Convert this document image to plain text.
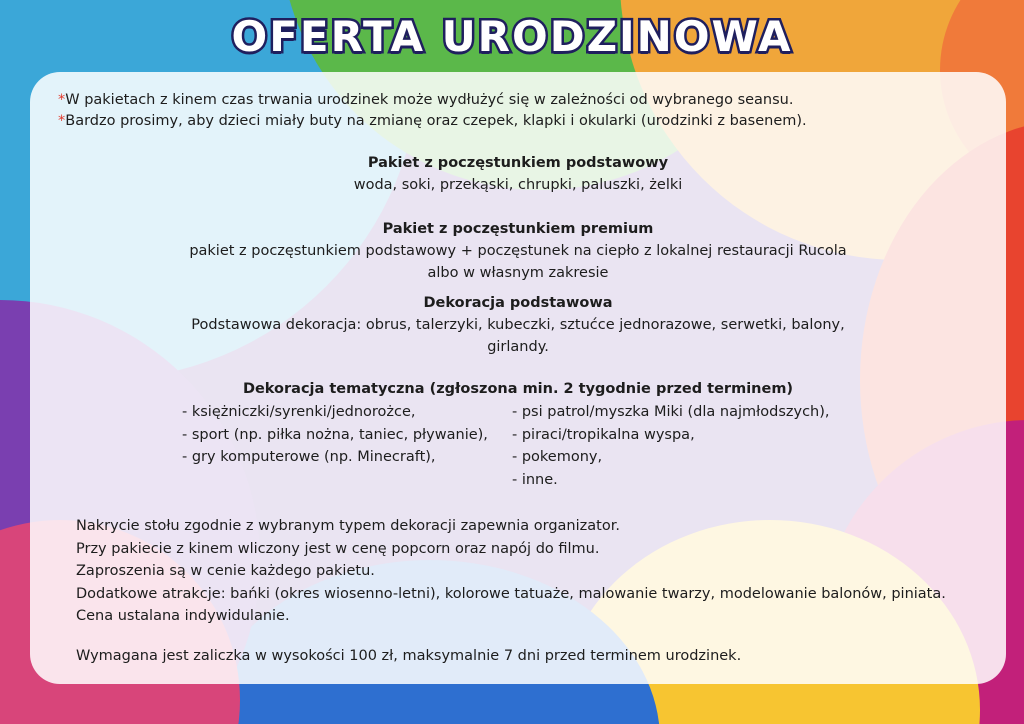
OFERTA URODZINOWA
*W pakietach z kinem czas trwania urodzinek może wydłużyć się w zależności od wybranego seansu.
*Bardzo prosimy, aby dzieci miały buty na zmianę oraz czepek, klapki i okularki (urodzinki z basenem).
Pakiet z poczęstunkiem podstawowy
woda, soki, przekąski, chrupki, paluszki, żelki
Pakiet z poczęstunkiem premium
pakiet z poczęstunkiem podstawowy + poczęstunek na ciepło z lokalnej restauracji Rucola
albo w własnym zakresie
Dekoracja podstawowa
Podstawowa dekoracja: obrus, talerzyki, kubeczki, sztućce jednorazowe, serwetki, balony,
girlandy.
Dekoracja tematyczna (zgłoszona min. 2 tygodnie przed terminem)
- księżniczki/syrenki/jednorożce,
- sport (np. piłka nożna, taniec, pływanie),
- gry komputerowe (np. Minecraft),
- psi patrol/myszka Miki (dla najmłodszych),
- piraci/tropikalna wyspa,
- pokemony,
- inne.
Nakrycie stołu zgodnie z wybranym typem dekoracji zapewnia organizator.
Przy pakiecie z kinem wliczony jest w cenę popcorn oraz napój do filmu.
Zaproszenia są w cenie każdego pakietu.
Dodatkowe atrakcje: bańki (okres wiosenno-letni), kolorowe tatuaże, malowanie twarzy, modelowanie balonów, piniata.
Cena ustalana indywidulanie.
Wymagana jest zaliczka w wysokości 100 zł, maksymalnie 7 dni przed terminem urodzinek.
